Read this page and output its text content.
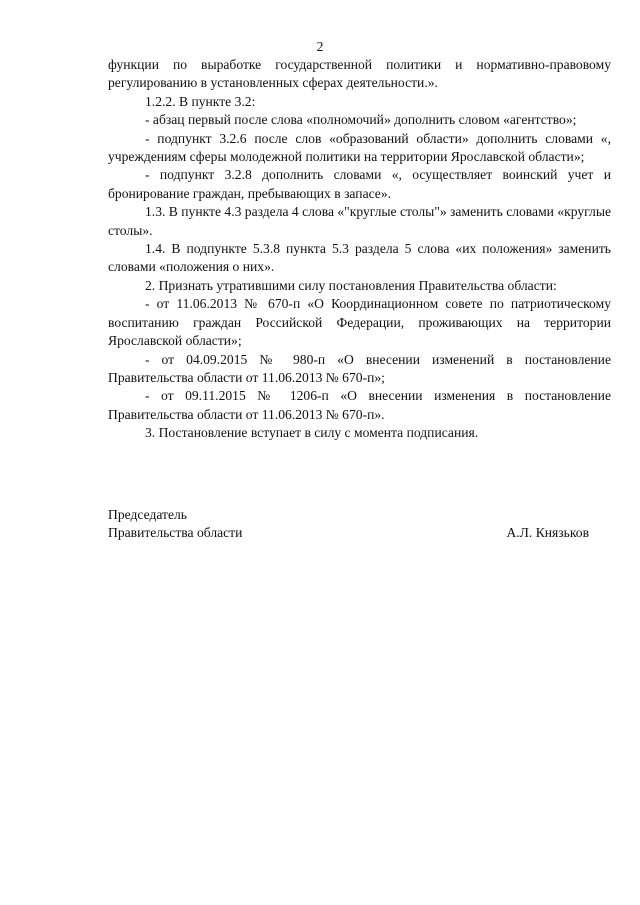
2

функции по выработке государственной политики и нормативно-правовому регулированию в установленных сферах деятельности.».

1.2.2. В пункте 3.2:

- абзац первый после слова «полномочий» дополнить словом «агентство»;

- подпункт 3.2.6 после слов «образований области» дополнить словами «, учреждениям сферы молодежной политики на территории Ярославской области»;

- подпункт 3.2.8 дополнить словами «, осуществляет воинский учет и бронирование граждан, пребывающих в запасе».

1.3. В пункте 4.3 раздела 4 слова «"круглые столы"» заменить словами «круглые столы».

1.4. В подпункте 5.3.8 пункта 5.3 раздела 5 слова «их положения» заменить словами «положения о них».

2. Признать утратившими силу постановления Правительства области:

- от 11.06.2013 № 670-п «О Координационном совете по патриотическому воспитанию граждан Российской Федерации, проживающих на территории Ярославской области»;

- от 04.09.2015 № 980-п «О внесении изменений в постановление Правительства области от 11.06.2013 № 670-п»;

- от 09.11.2015 № 1206-п «О внесении изменения в постановление Правительства области от 11.06.2013 № 670-п».

3. Постановление вступает в силу с момента подписания.

Председатель
Правительства области	А.Л. Князьков
